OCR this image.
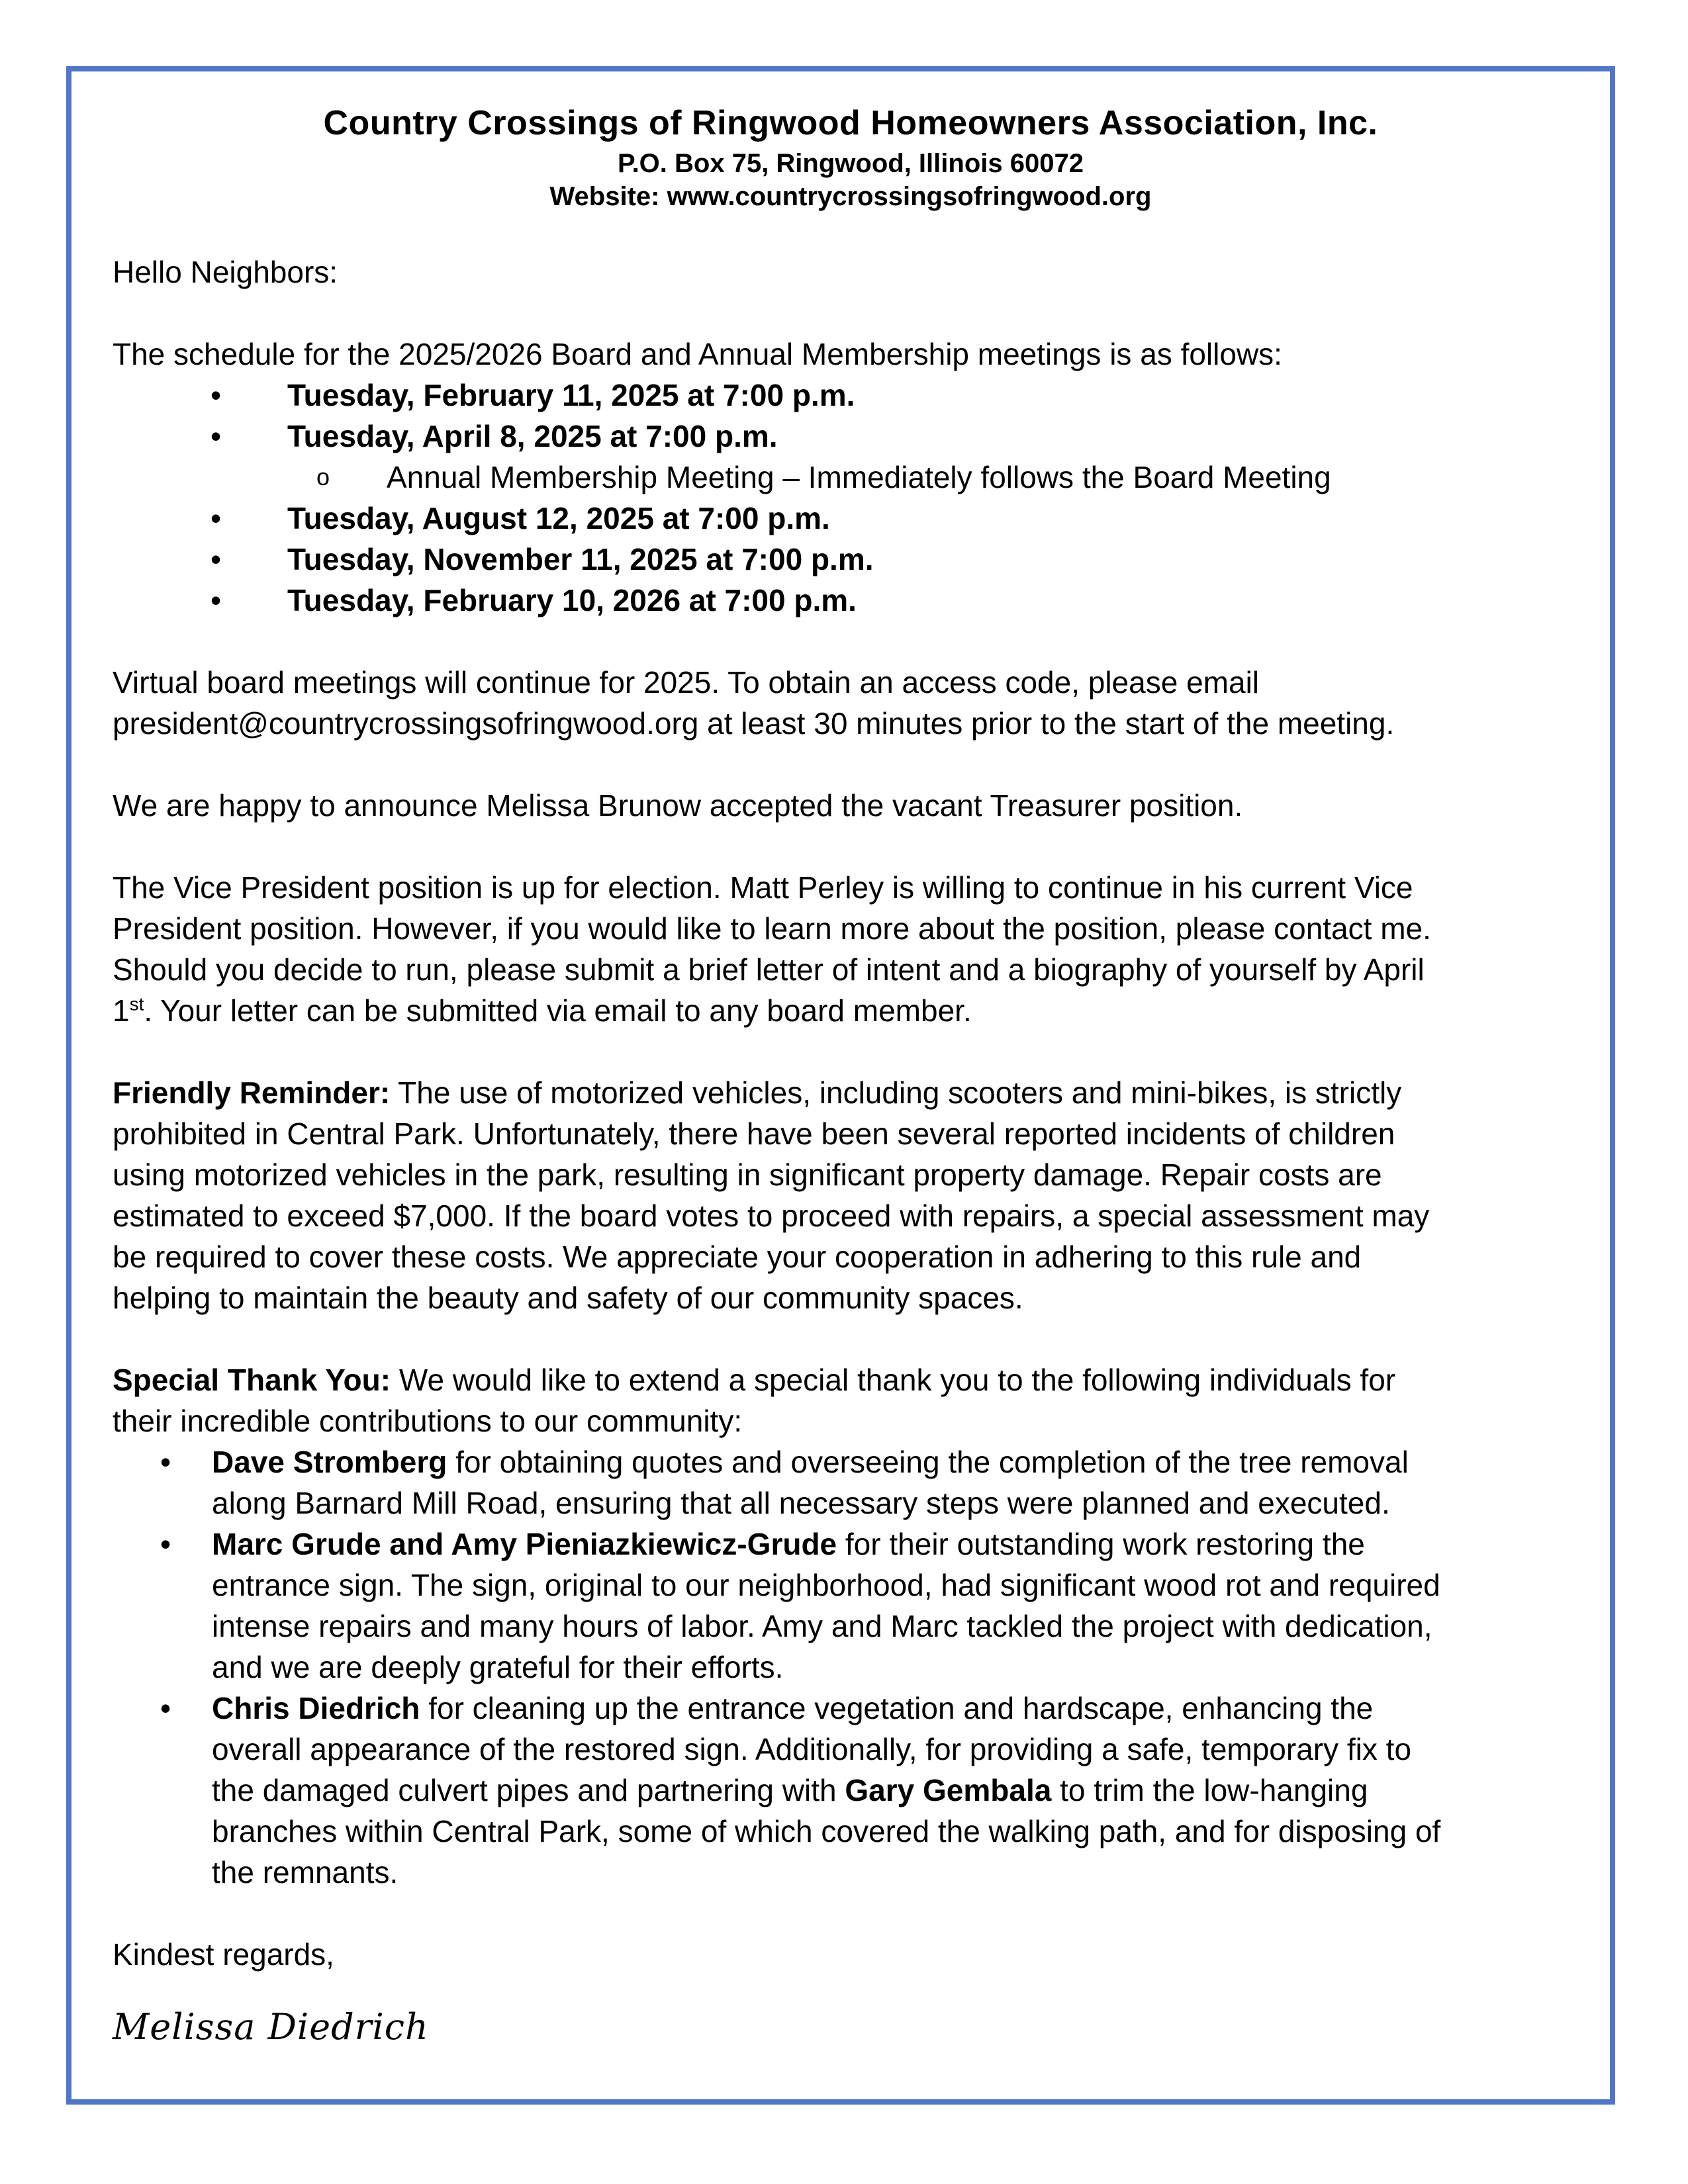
Country Crossings of Ringwood Homeowners Association, Inc.
P.O. Box 75, Ringwood, Illinois 60072
Website: www.countrycrossingsofringwood.org

Hello Neighbors:

The schedule for the 2025/2026 Board and Annual Membership meetings is as follows:

• Tuesday, February 11, 2025 at 7:00 p.m.
• Tuesday, April 8, 2025 at 7:00 p.m.
o Annual Membership Meeting – Immediately follows the Board Meeting
• Tuesday, August 12, 2025 at 7:00 p.m.
• Tuesday, November 11, 2025 at 7:00 p.m.
• Tuesday, February 10, 2026 at 7:00 p.m.
Virtual board meetings will continue for 2025. To obtain an access code, please email
president@countrycrossingsofringwood.org at least 30 minutes prior to the start of the meeting.

We are happy to announce Melissa Brunow accepted the vacant Treasurer position.

The Vice President position is up for election. Matt Perley is willing to continue in his current Vice
President position. However, if you would like to learn more about the position, please contact me.
Should you decide to run, please submit a brief letter of intent and a biography of yourself by April
1st. Your letter can be submitted via email to any board member.
Friendly Reminder: The use of motorized vehicles, including scooters and mini-bikes, is strictly
prohibited in Central Park. Unfortunately, there have been several reported incidents of children
using motorized vehicles in the park, resulting in significant property damage. Repair costs are
estimated to exceed $7,000. If the board votes to proceed with repairs, a special assessment may
be required to cover these costs. We appreciate your cooperation in adhering to this rule and
helping to maintain the beauty and safety of our community spaces.
Special Thank You: We would like to extend a special thank you to the following individuals for
their incredible contributions to our community:
• Dave Stromberg for obtaining quotes and overseeing the completion of the tree removal
along Barnard Mill Road, ensuring that all necessary steps were planned and executed.
• Marc Grude and Amy Pieniazkiewicz-Grude for their outstanding work restoring the
entrance sign. The sign, original to our neighborhood, had significant wood rot and required
intense repairs and many hours of labor. Amy and Marc tackled the project with dedication,
and we are deeply grateful for their efforts.
• Chris Diedrich for cleaning up the entrance vegetation and hardscape, enhancing the
overall appearance of the restored sign. Additionally, for providing a safe, temporary fix to
the damaged culvert pipes and partnering with Gary Gembala to trim the low-hanging
branches within Central Park, some of which covered the walking path, and for disposing of
the remnants.

Kindest regards,

Melissa Diedrich
